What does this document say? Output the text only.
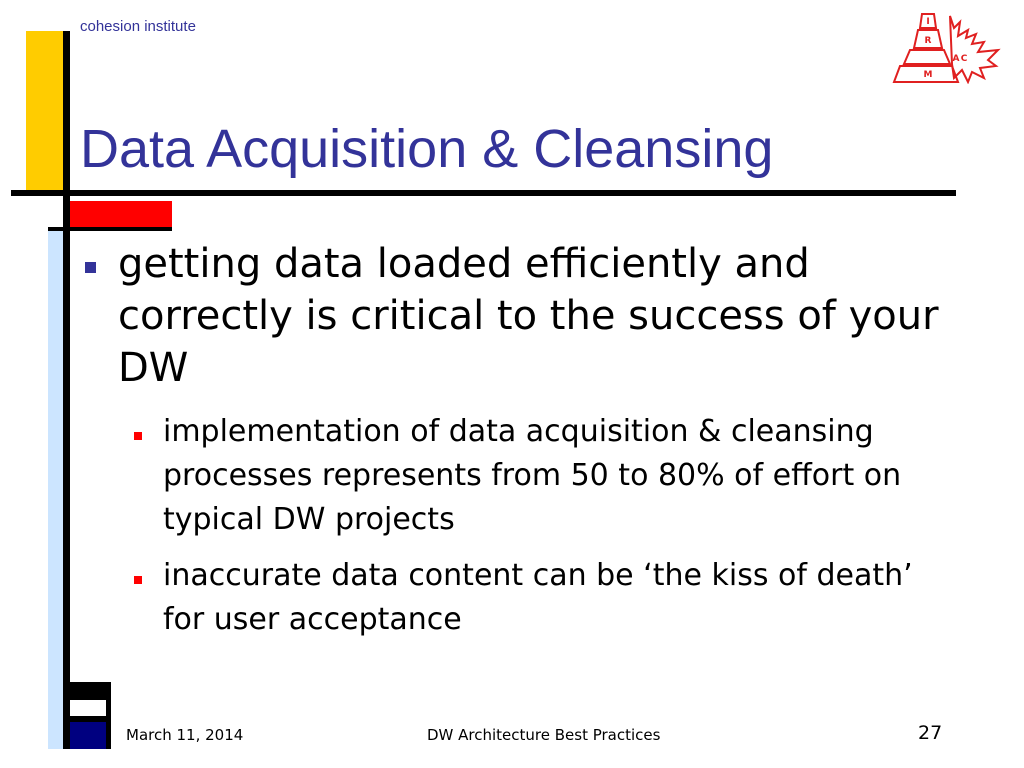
cohesion institute	I
R
M
A C
Data Acquisition & Cleansing
getting data loaded efficiently and correctly is critical to the success of your DW
implementation of data acquisition & cleansing processes represents from 50 to 80% of effort on typical DW projects
inaccurate data content can be ‘the kiss of death’ for user acceptance
March 11, 2014	DW Architecture Best Practices	27
